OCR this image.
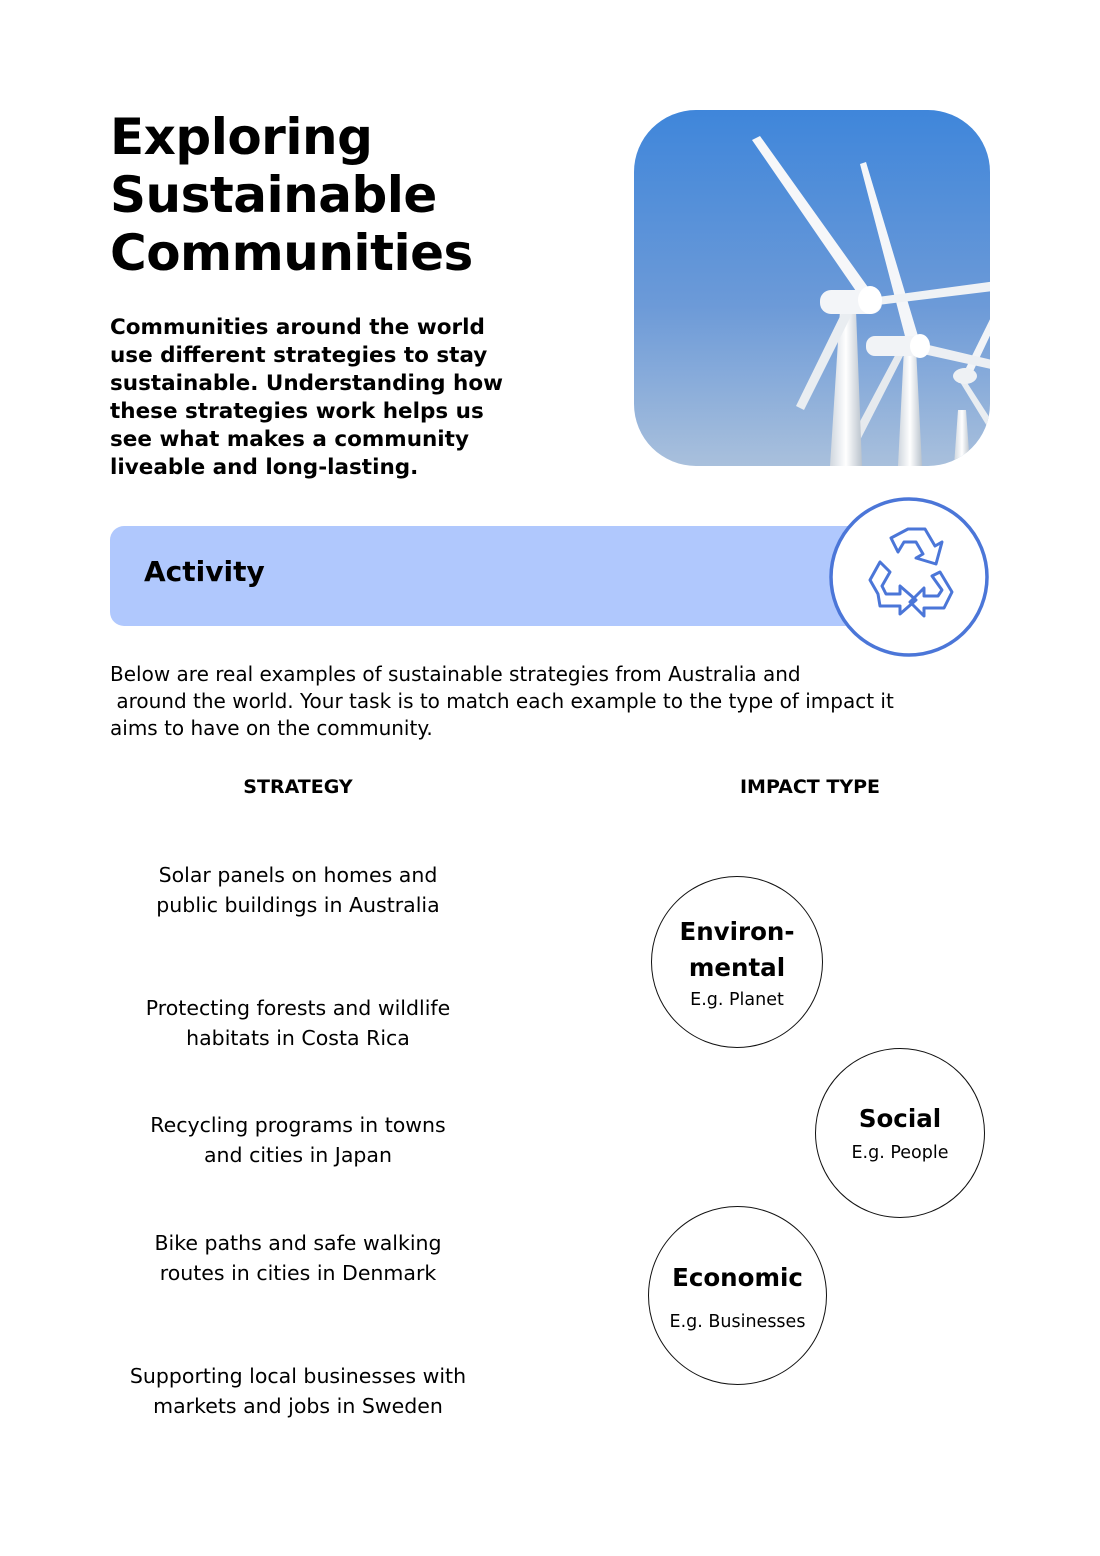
Exploring
Sustainable
Communities

Communities around the world use different strategies to stay sustainable. Understanding how these strategies work helps us see what makes a community liveable and long-lasting.

Activity

Below are real examples of sustainable strategies from Australia and
around the world. Your task is to match each example to the type of impact it
aims to have on the community.

STRATEGY	IMPACT TYPE
Solar panels on homes and
public buildings in Australia
Protecting forests and wildlife
habitats in Costa Rica
Recycling programs in towns
and cities in Japan
Bike paths and safe walking
routes in cities in Denmark
Supporting local businesses with
markets and jobs in Sweden
Environ-
mental
E.g. Planet
Social
E.g. People
Economic
E.g. Businesses
